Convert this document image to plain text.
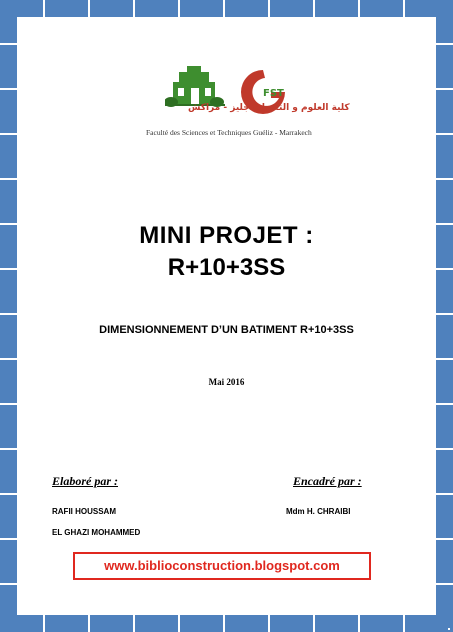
FST
كلية العلوم و التقنيات جليز - مراكش
Faculté des Sciences et Techniques Guéliz - Marrakech
MINI PROJET :
R+10+3SS
DIMENSIONNEMENT D’UN BATIMENT R+10+3SS
Mai 2016
Elaboré par :	Encadré par :
RAFII HOUSSAM
EL GHAZI MOHAMMED
Mdm H. CHRAIBI
www.biblioconstruction.blogspot.com
